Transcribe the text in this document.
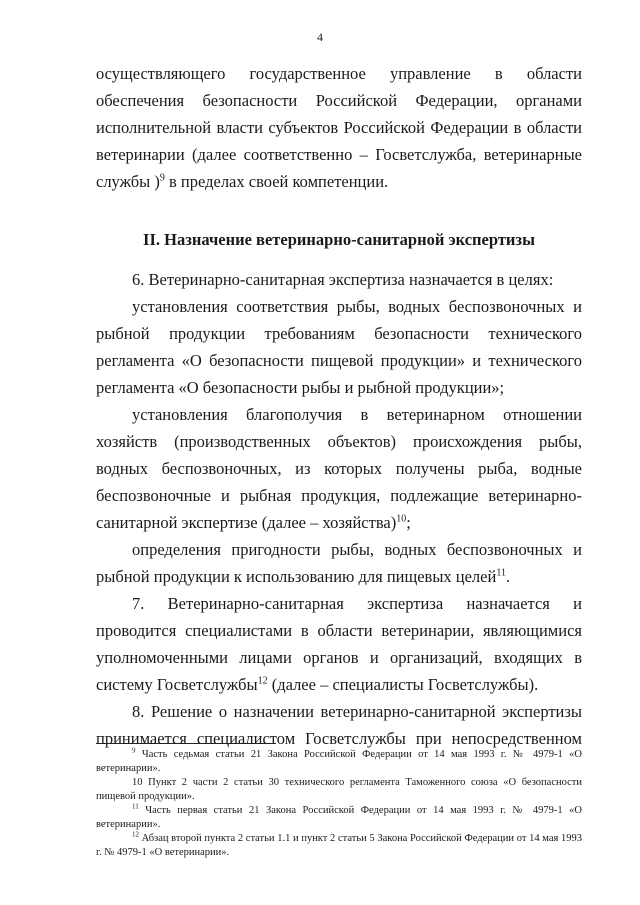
4

осуществляющего государственное управление в области обеспечения безопасности Российской Федерации, органами исполнительной власти субъектов Российской Федерации в области ветеринарии (далее соответственно – Госветслужба, ветеринарные службы )$^9$ в пределах своей компетенции.

II. Назначение ветеринарно-санитарной экспертизы

6. Ветеринарно-санитарная экспертиза назначается в целях:

установления соответствия рыбы, водных беспозвоночных и рыбной продукции требованиям безопасности технического регламента «О безопасности пищевой продукции» и технического регламента «О безопасности рыбы и рыбной продукции»;

установления благополучия в ветеринарном отношении хозяйств (производственных объектов) происхождения рыбы, водных беспозвоночных, из которых получены рыба, водные беспозвоночные и рыбная продукция, подлежащие ветеринарно-санитарной экспертизе (далее – хозяйства)$^{10}$;

определения пригодности рыбы, водных беспозвоночных и рыбной продукции к использованию для пищевых целей$^{11}$.

7. Ветеринарно-санитарная экспертиза назначается и проводится специалистами в области ветеринарии, являющимися уполномоченными лицами органов и организаций, входящих в систему Госветслужбы$^{12}$ (далее – специалисты Госветслужбы).

8. Решение о назначении ветеринарно-санитарной экспертизы принимается специалистом Госветслужбы при непосредственном

$^9$ Часть седьмая статьи 21 Закона Российской Федерации от 14 мая 1993 г. № 4979-1 «О ветеринарии».

10 Пункт 2 части 2 статьи 30 технического регламента Таможенного союза «О безопасности пищевой продукции».

$^{11}$ Часть первая статьи 21 Закона Российской Федерации от 14 мая 1993 г. № 4979-1 «О ветеринарии».

$^{12}$ Абзац второй пункта 2 статьи 1.1 и пункт 2 статьи 5 Закона Российской Федерации от 14 мая 1993 г. № 4979-1 «О ветеринарии».
